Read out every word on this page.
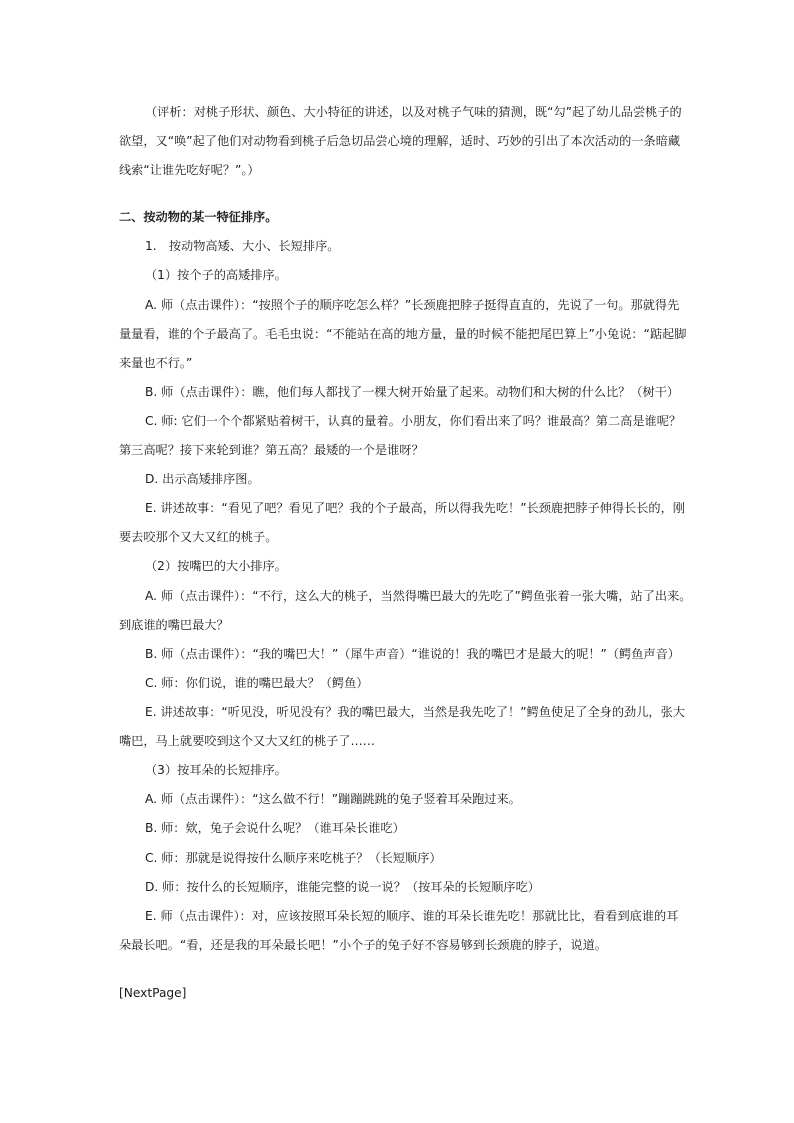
（评析：对桃子形状、颜色、大小特征的讲述，以及对桃子气味的猜测，既“勾”起了幼儿品尝桃子的
欲望，又“唤”起了他们对动物看到桃子后急切品尝心境的理解，适时、巧妙的引出了本次活动的一条暗藏
线索“让谁先吃好呢？”。）
二、按动物的某一特征排序。
1.　按动物高矮、大小、长短排序。
（1）按个子的高矮排序。
A. 师（点击课件）：“按照个子的顺序吃怎么样？”长颈鹿把脖子挺得直直的，先说了一句。那就得先
量量看，谁的个子最高了。毛毛虫说：“不能站在高的地方量，量的时候不能把尾巴算上”小兔说：“踮起脚
来量也不行。”
B. 师（点击课件）：瞧，他们每人都找了一棵大树开始量了起来。动物们和大树的什么比？（树干）
C. 师: 它们一个个都紧贴着树干，认真的量着。小朋友，你们看出来了吗？谁最高？第二高是谁呢？
第三高呢？接下来轮到谁？第五高？最矮的一个是谁呀？
D. 出示高矮排序图。
E. 讲述故事：“看见了吧？看见了吧？我的个子最高，所以得我先吃！”长颈鹿把脖子伸得长长的，刚
要去咬那个又大又红的桃子。
（2）按嘴巴的大小排序。
A. 师（点击课件）：“不行，这么大的桃子，当然得嘴巴最大的先吃了”鳄鱼张着一张大嘴，站了出来。
到底谁的嘴巴最大？
B. 师（点击课件）：“我的嘴巴大！”（犀牛声音）“谁说的！我的嘴巴才是最大的呢！”（鳄鱼声音）
C. 师：你们说，谁的嘴巴最大？（鳄鱼）
E. 讲述故事：“听见没，听见没有？我的嘴巴最大，当然是我先吃了！”鳄鱼使足了全身的劲儿，张大
嘴巴，马上就要咬到这个又大又红的桃子了……
（3）按耳朵的长短排序。
A. 师（点击课件）：“这么做不行！”蹦蹦跳跳的兔子竖着耳朵跑过来。
B. 师：欸，兔子会说什么呢？（谁耳朵长谁吃）
C. 师：那就是说得按什么顺序来吃桃子？（长短顺序）
D. 师：按什么的长短顺序，谁能完整的说一说？（按耳朵的长短顺序吃）
E. 师（点击课件）：对，应该按照耳朵长短的顺序、谁的耳朵长谁先吃！那就比比，看看到底谁的耳
朵最长吧。“看，还是我的耳朵最长吧！”小个子的兔子好不容易够到长颈鹿的脖子，说道。
[NextPage]
